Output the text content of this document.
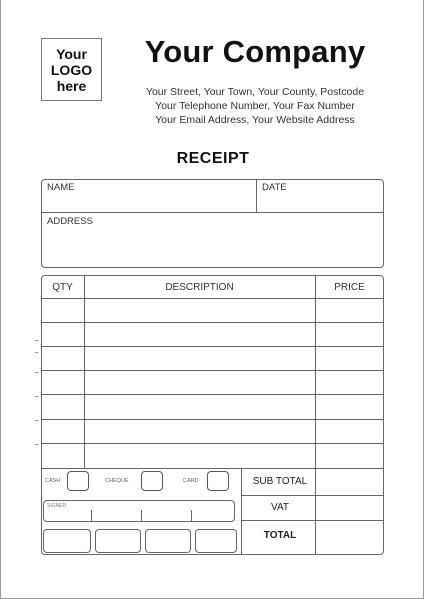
Your
LOGO
here
Your Company
Your Street, Your Town, Your County, Postcode
Your Telephone Number, Your Fax Number
Your Email Address, Your Website Address
RECEIPT
NAME	DATE
ADDRESS
QTY	DESCRIPTION	PRICE
CASH	CHEQUE	CARD
SIGNED
SUB TOTAL
VAT
TOTAL
